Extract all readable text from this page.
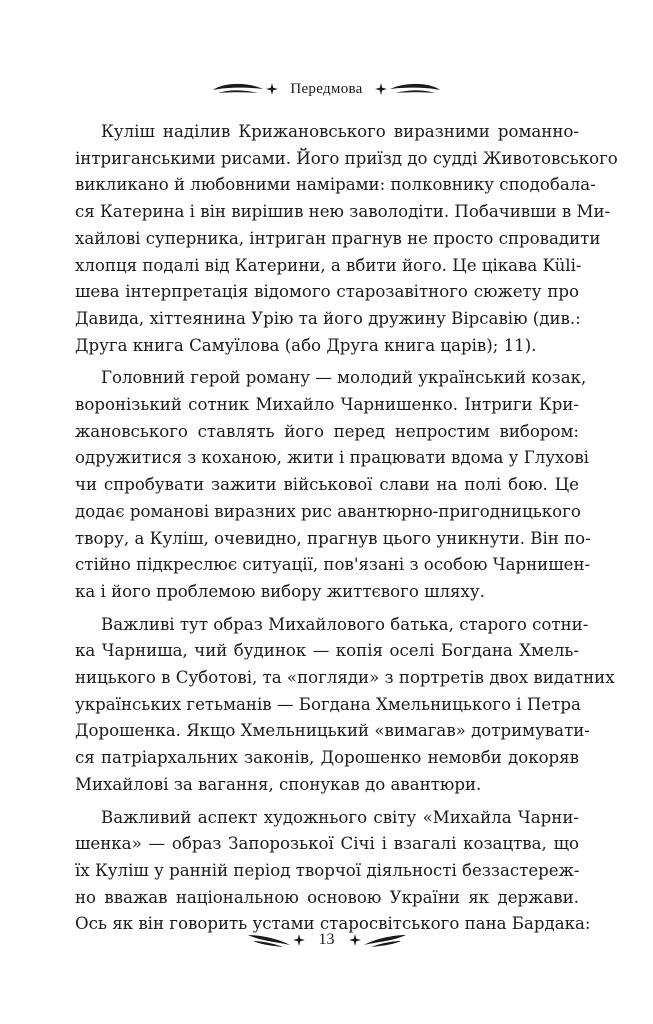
Передмова
Куліш наділив Крижановського виразними романно-
інтриганськими рисами. Його приїзд до судді Животовського
викликано й любовними намірами: полковнику сподобала-
ся Катерина і він вирішив нею заволодіти. Побачивши в Ми-
хайлові суперника, інтриган прагнув не просто спровадити
хлопця подалі від Катерини, а вбити його. Це цікава Külі-
шева інтерпретація відомого старозавітного сюжету про
Давида, хіттеянина Урію та його дружину Вірсавію (див.:
Друга книга Самуїлова (або Друга книга царів); 11).
Головний герой роману — молодий український козак,
воронізький сотник Михайло Чарнишенко. Інтриги Кри-
жановського ставлять його перед непростим вибором:
одружитися з коханою, жити і працювати вдома у Глухові
чи спробувати зажити військової слави на полі бою. Це
додає романові виразних рис авантюрно-пригодницького
твору, а Куліш, очевидно, прагнув цього уникнути. Він по-
стійно підкреслює ситуації, пов'язані з особою Чарнишен-
ка і його проблемою вибору життєвого шляху.
Важливі тут образ Михайлового батька, старого сотни-
ка Чарниша, чий будинок — копія оселі Богдана Хмель-
ницького в Суботові, та «погляди» з портретів двох видатних
українських гетьманів — Богдана Хмельницького і Петра
Дорошенка. Якщо Хмельницький «вимагав» дотримувати-
ся патріархальних законів, Дорошенко немовби докоряв
Михайлові за вагання, спонукав до авантюри.
Важливий аспект художнього світу «Михайла Чарни-
шенка» — образ Запорозької Січі і взагалі козацтва, що
їх Куліш у ранній період творчої діяльності беззастереж-
но вважав національною основою України як держави.
Ось як він говорить устами старосвітського пана Бардака:
13
